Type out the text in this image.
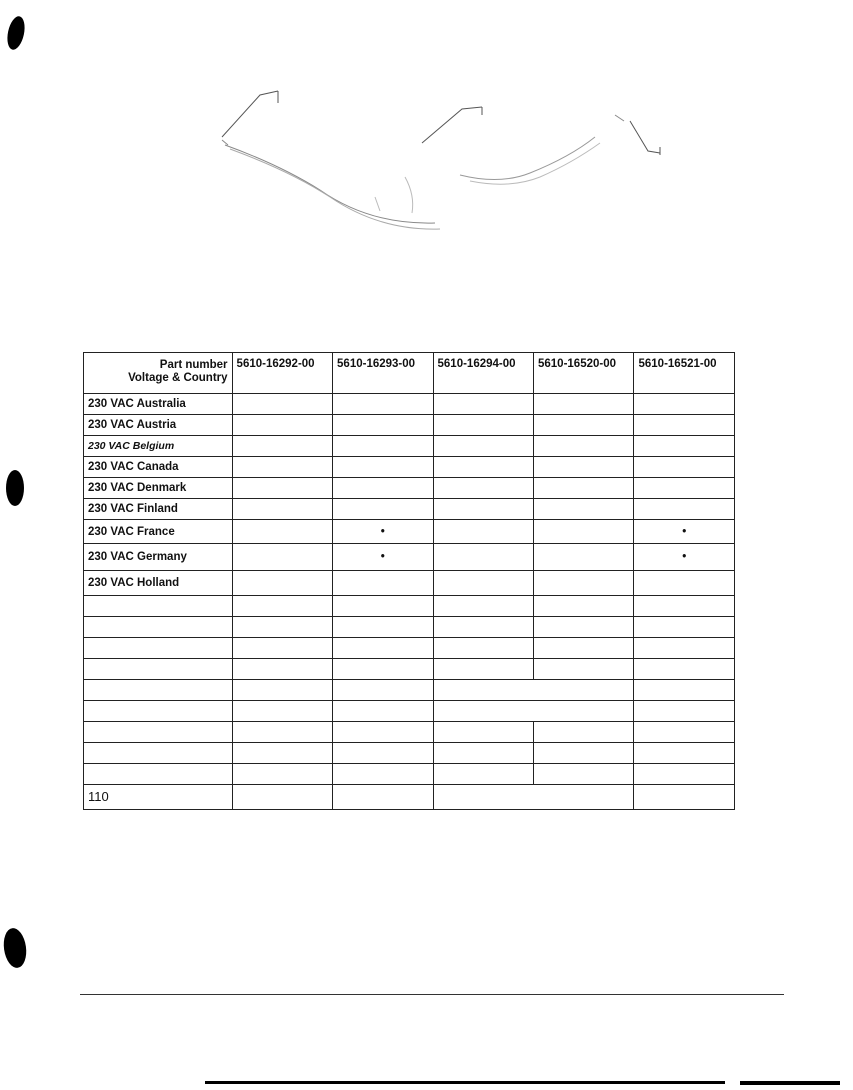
Part number
Voltage & Country	5610-16292-00	5610-16293-00	5610-16294-00	5610-16520-00	5610-16521-00
230 VAC Australia					
230 VAC Austria					
230 VAC Belgium					
230 VAC Canada					
230 VAC Denmark					
230 VAC Finland					
230 VAC France		•			•
230 VAC Germany		•			•
230 VAC Holland					

110					
